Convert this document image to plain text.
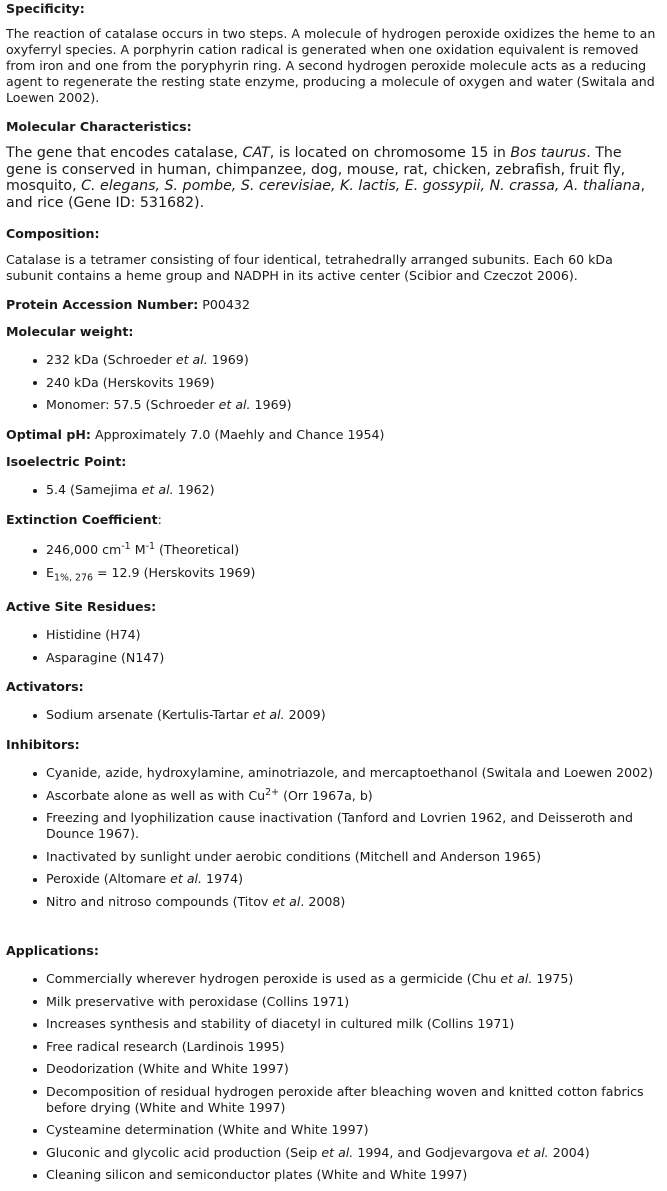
Specificity:
The reaction of catalase occurs in two steps. A molecule of hydrogen peroxide oxidizes the heme to an oxyferryl species. A porphyrin cation radical is generated when one oxidation equivalent is removed from iron and one from the poryphyrin ring. A second hydrogen peroxide molecule acts as a reducing agent to regenerate the resting state enzyme, producing a molecule of oxygen and water (Switala and Loewen 2002).
Molecular Characteristics:
The gene that encodes catalase, CAT, is located on chromosome 15 in Bos taurus. The gene is conserved in human, chimpanzee, dog, mouse, rat, chicken, zebrafish, fruit fly, mosquito, C. elegans, S. pombe, S. cerevisiae, K. lactis, E. gossypii, N. crassa, A. thaliana, and rice (Gene ID: 531682).
Composition:
Catalase is a tetramer consisting of four identical, tetrahedrally arranged subunits. Each 60 kDa subunit contains a heme group and NADPH in its active center (Scibior and Czeczot 2006).
Protein Accession Number: P00432
Molecular weight:
232 kDa (Schroeder et al. 1969)
240 kDa (Herskovits 1969)
Monomer: 57.5 (Schroeder et al. 1969)
Optimal pH: Approximately 7.0 (Maehly and Chance 1954)
Isoelectric Point:
5.4 (Samejima et al. 1962)
Extinction Coefficient:
246,000 $cm^{-1}$ $M^{-1}$ (Theoretical)
$E_{1\%, 276} = 12.9$ (Herskovits 1969)
Active Site Residues:
Histidine (H74)
Asparagine (N147)
Activators:
Sodium arsenate (Kertulis-Tartar et al. 2009)
Inhibitors:
Cyanide, azide, hydroxylamine, aminotriazole, and mercaptoethanol (Switala and Loewen 2002)
Ascorbate alone as well as with $Cu^{2+}$ (Orr 1967a, b)
Freezing and lyophilization cause inactivation (Tanford and Lovrien 1962, and Deisseroth and Dounce 1967).
Inactivated by sunlight under aerobic conditions (Mitchell and Anderson 1965)
Peroxide (Altomare et al. 1974)
Nitro and nitroso compounds (Titov et al. 2008)
Applications:
Commercially wherever hydrogen peroxide is used as a germicide (Chu et al. 1975)
Milk preservative with peroxidase (Collins 1971)
Increases synthesis and stability of diacetyl in cultured milk (Collins 1971)
Free radical research (Lardinois 1995)
Deodorization (White and White 1997)
Decomposition of residual hydrogen peroxide after bleaching woven and knitted cotton fabrics before drying (White and White 1997)
Cysteamine determination (White and White 1997)
Gluconic and glycolic acid production (Seip et al. 1994, and Godjevargova et al. 2004)
Cleaning silicon and semiconductor plates (White and White 1997)
